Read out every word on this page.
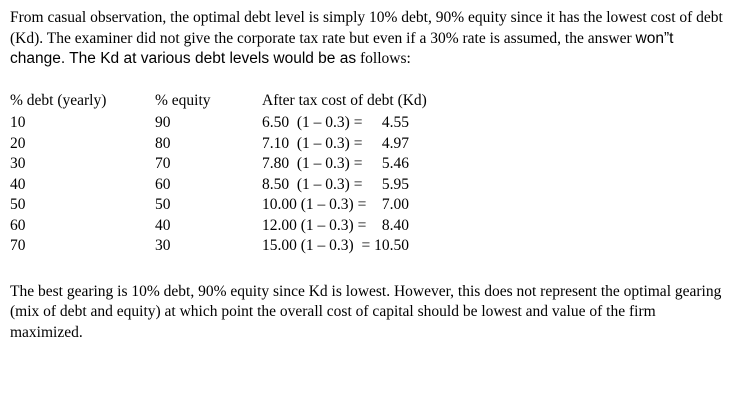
From casual observation, the optimal debt level is simply 10% debt, 90% equity since it has the lowest cost of debt (Kd). The examiner did not give the corporate tax rate but even if a 30% rate is assumed, the answer won”t change. The Kd at various debt levels would be as follows:

% debt (yearly)	% equity	After tax cost of debt (Kd)
10	90	6.50  (1 – 0.3) =     4.55
20	80	7.10  (1 – 0.3) =     4.97
30	70	7.80  (1 – 0.3) =     5.46
40	60	8.50  (1 – 0.3) =     5.95
50	50	10.00 (1 – 0.3) =    7.00
60	40	12.00 (1 – 0.3) =    8.40
70	30	15.00 (1 – 0.3)  = 10.50

The best gearing is 10% debt, 90% equity since Kd is lowest. However, this does not represent the optimal gearing (mix of debt and equity) at which point the overall cost of capital should be lowest and value of the firm maximized.
